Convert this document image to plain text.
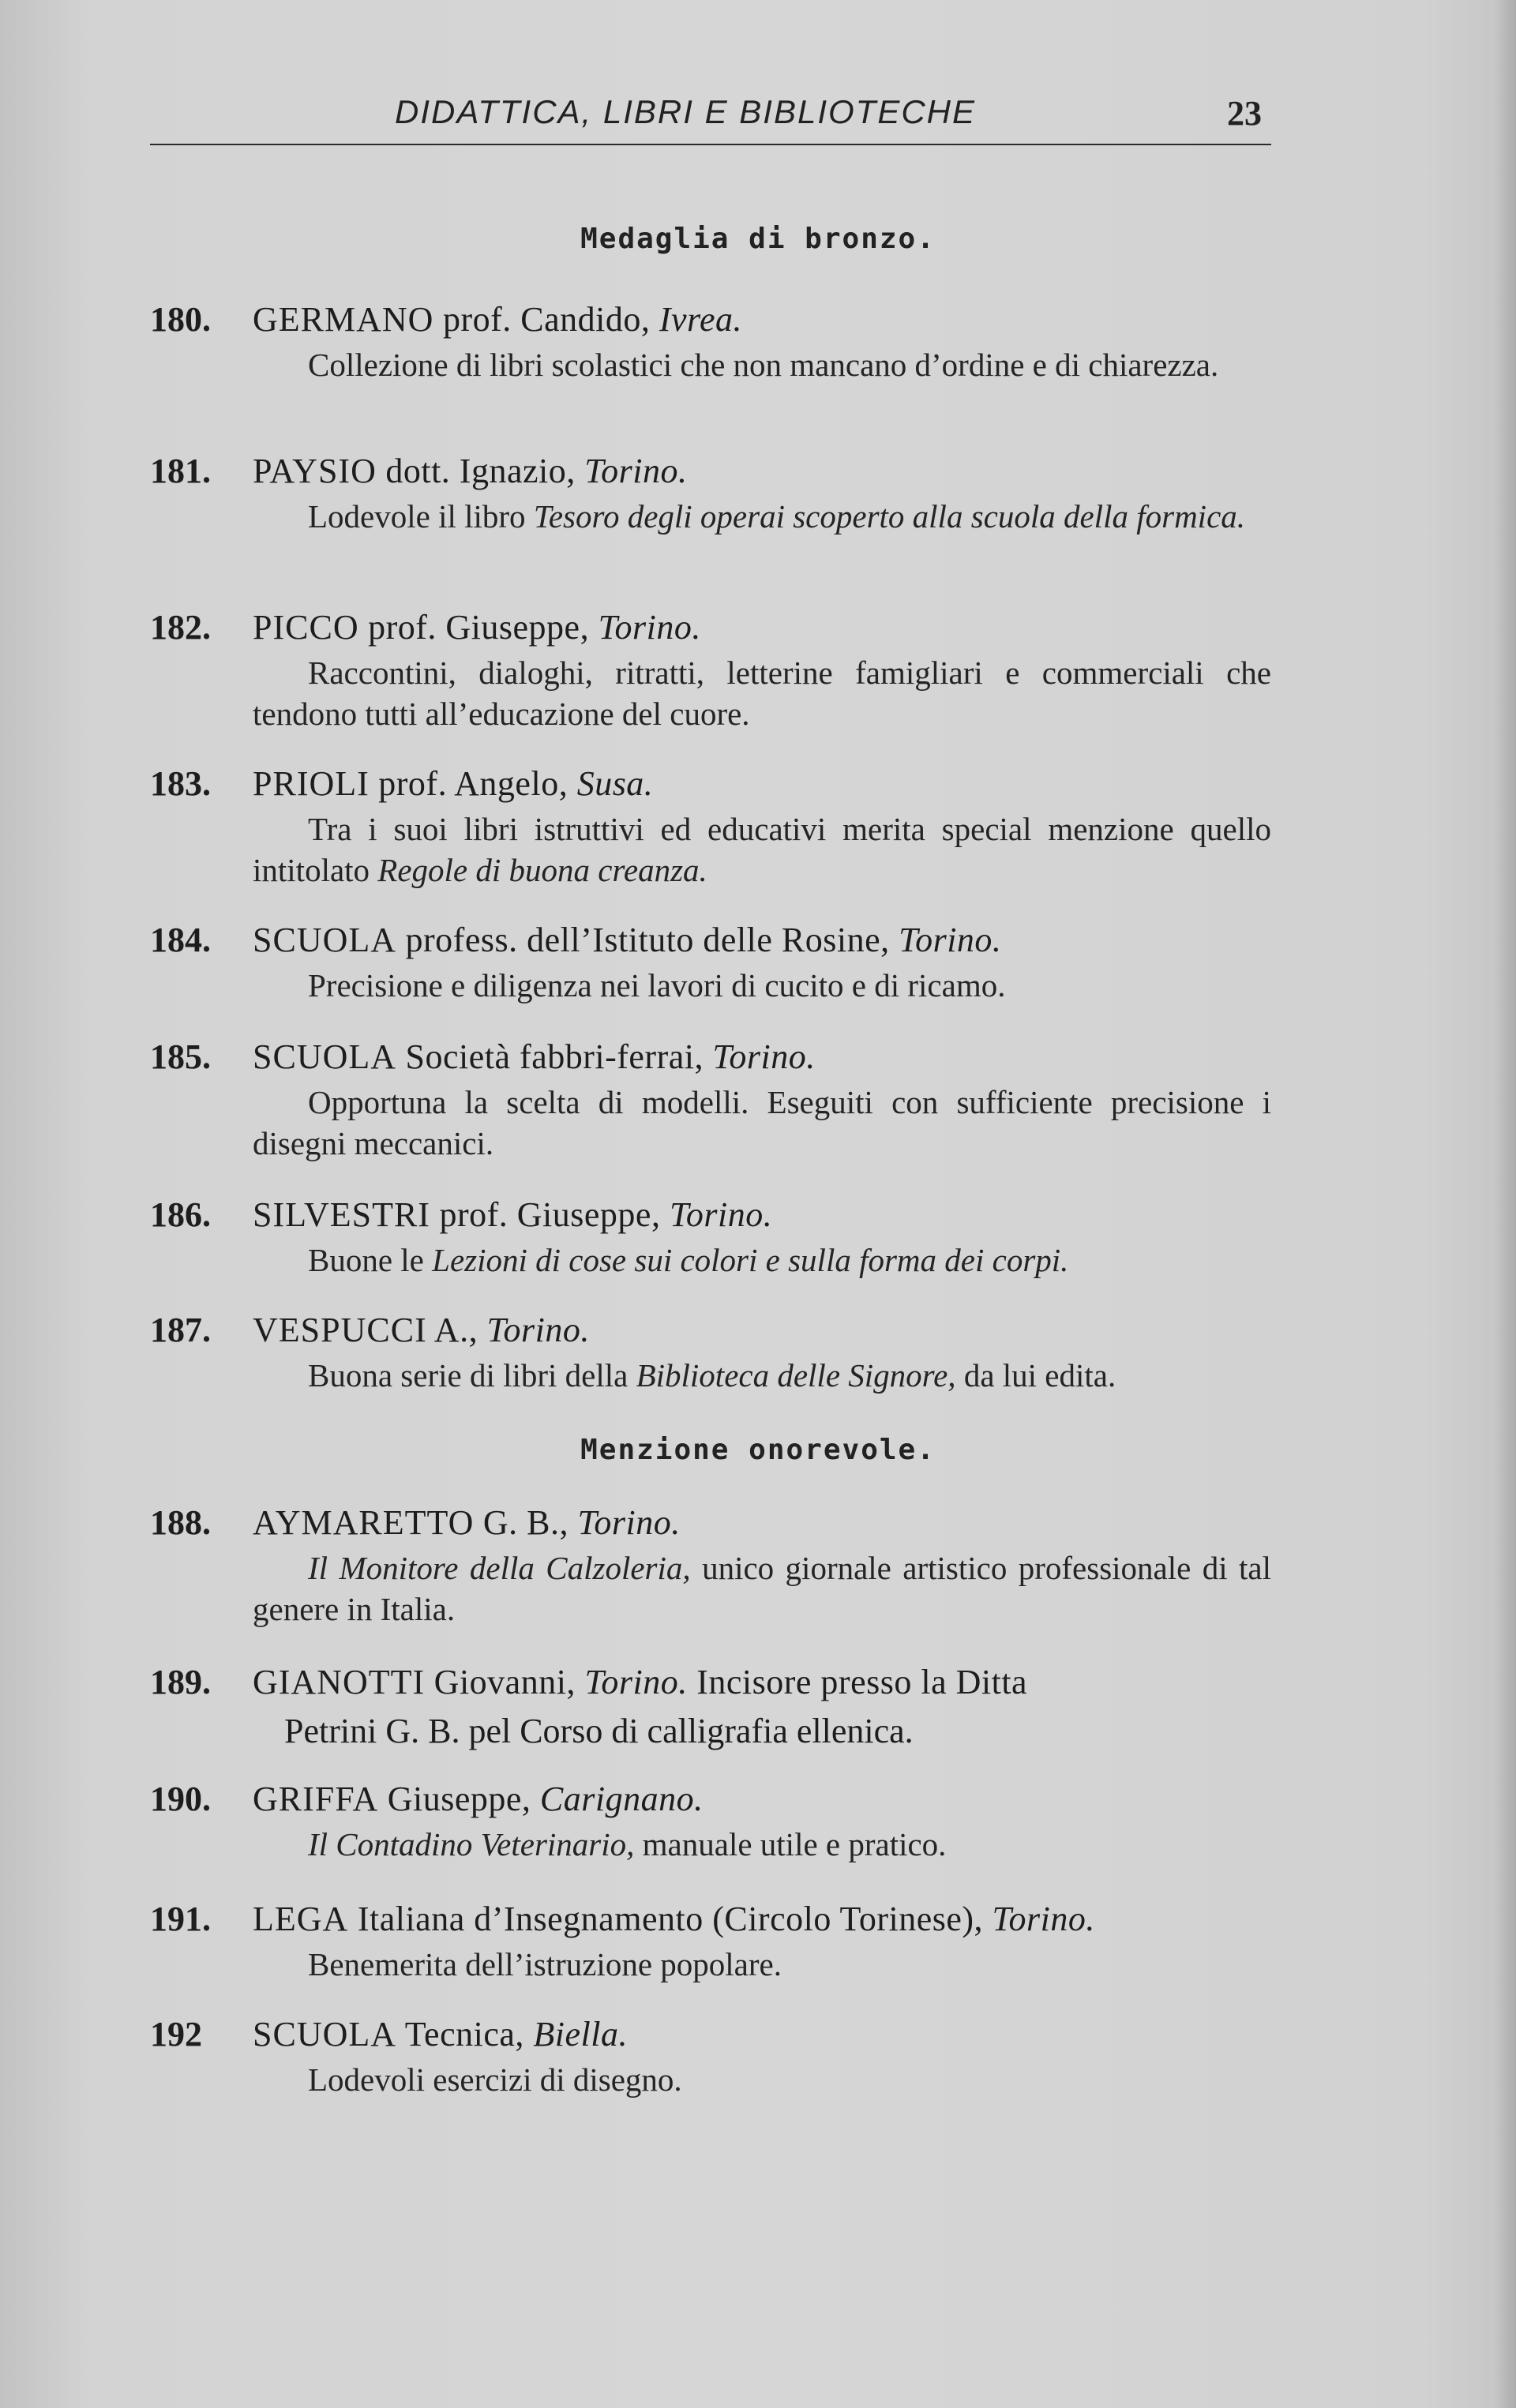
DIDATTICA, LIBRI E BIBLIOTECHE	23
Medaglia di bronzo.
180. GERMANO prof. Candido, Ivrea.
Collezione di libri scolastici che non mancano d’ordine e di chiarezza.
181. PAYSIO dott. Ignazio, Torino.
Lodevole il libro Tesoro degli operai scoperto alla scuola della formica.
182. PICCO prof. Giuseppe, Torino.
Raccontini, dialoghi, ritratti, letterine famigliari e commerciali che tendono tutti all’educazione del cuore.
183. PRIOLI prof. Angelo, Susa.
Tra i suoi libri istruttivi ed educativi merita special menzione quello intitolato Regole di buona creanza.
184. SCUOLA profess. dell’Istituto delle Rosine, Torino.
Precisione e diligenza nei lavori di cucito e di ricamo.
185. SCUOLA Società fabbri-ferrai, Torino.
Opportuna la scelta di modelli. Eseguiti con sufficiente precisione i disegni meccanici.
186. SILVESTRI prof. Giuseppe, Torino.
Buone le Lezioni di cose sui colori e sulla forma dei corpi.
187. VESPUCCI A., Torino.
Buona serie di libri della Biblioteca delle Signore, da lui edita.
Menzione onorevole.
188. AYMARETTO G. B., Torino.
Il Monitore della Calzoleria, unico giornale artistico professionale di tal genere in Italia.
189. GIANOTTI Giovanni, Torino. Incisore presso la Ditta
Petrini G. B. pel Corso di calligrafia ellenica.
190. GRIFFA Giuseppe, Carignano.
Il Contadino Veterinario, manuale utile e pratico.
191. LEGA Italiana d’Insegnamento (Circolo Torinese), Torino.
Benemerita dell’istruzione popolare.
192 SCUOLA Tecnica, Biella.
Lodevoli esercizi di disegno.
